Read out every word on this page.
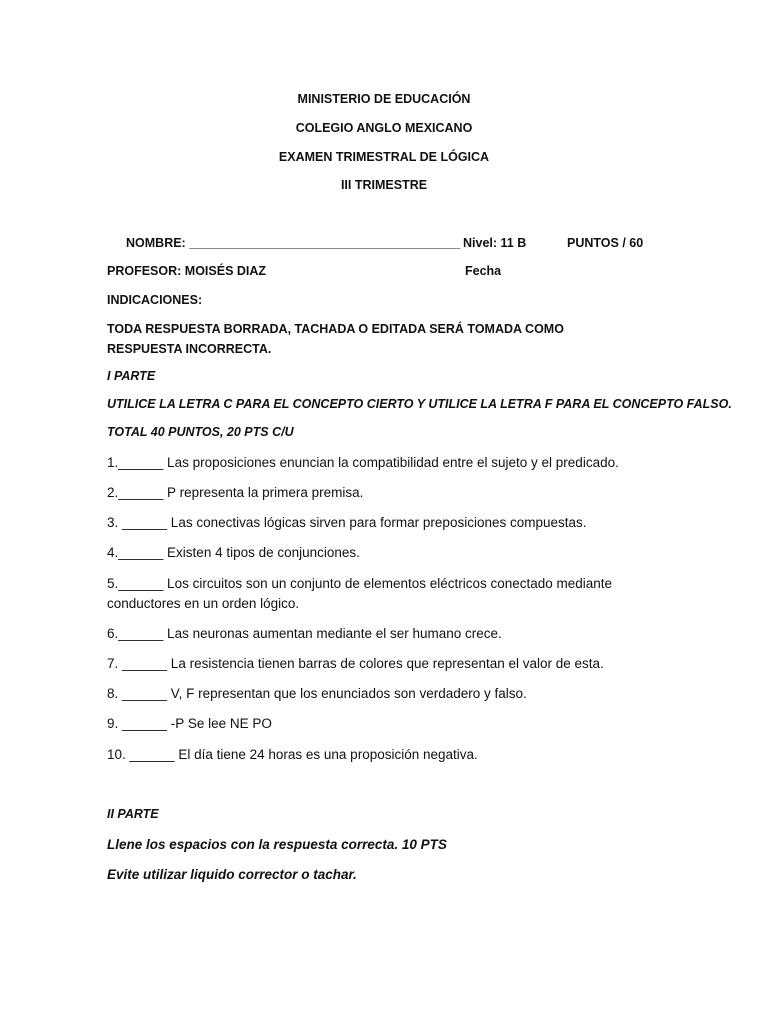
MINISTERIO DE EDUCACIÓN
COLEGIO ANGLO MEXICANO
EXAMEN TRIMESTRAL DE LÓGICA
III TRIMESTRE
NOMBRE: _______________________________________ Nivel: 11 B	PUNTOS / 60
PROFESOR: MOISÉS DIAZ	Fecha
INDICACIONES:
TODA RESPUESTA BORRADA, TACHADA O EDITADA SERÁ TOMADA COMO RESPUESTA INCORRECTA.
I PARTE
UTILICE LA LETRA C PARA EL CONCEPTO CIERTO Y UTILICE LA LETRA F PARA EL CONCEPTO FALSO.
TOTAL 40 PUNTOS, 20 PTS C/U
1.______ Las proposiciones enuncian la compatibilidad entre el sujeto y el predicado.
2.______ P representa la primera premisa.
3. ______ Las conectivas lógicas sirven para formar preposiciones compuestas.
4.______ Existen 4 tipos de conjunciones.
5.______ Los circuitos son un conjunto de elementos eléctricos conectado mediante conductores en un orden lógico.
6.______ Las neuronas aumentan mediante el ser humano crece.
7. ______ La resistencia tienen barras de colores que representan el valor de esta.
8. ______ V, F representan que los enunciados son verdadero y falso.
9. ______ -P Se lee NE PO
10. ______ El día tiene 24 horas es una proposición negativa.
II PARTE
Llene los espacios con la respuesta correcta. 10 PTS
Evite utilizar liquido corrector o tachar.
